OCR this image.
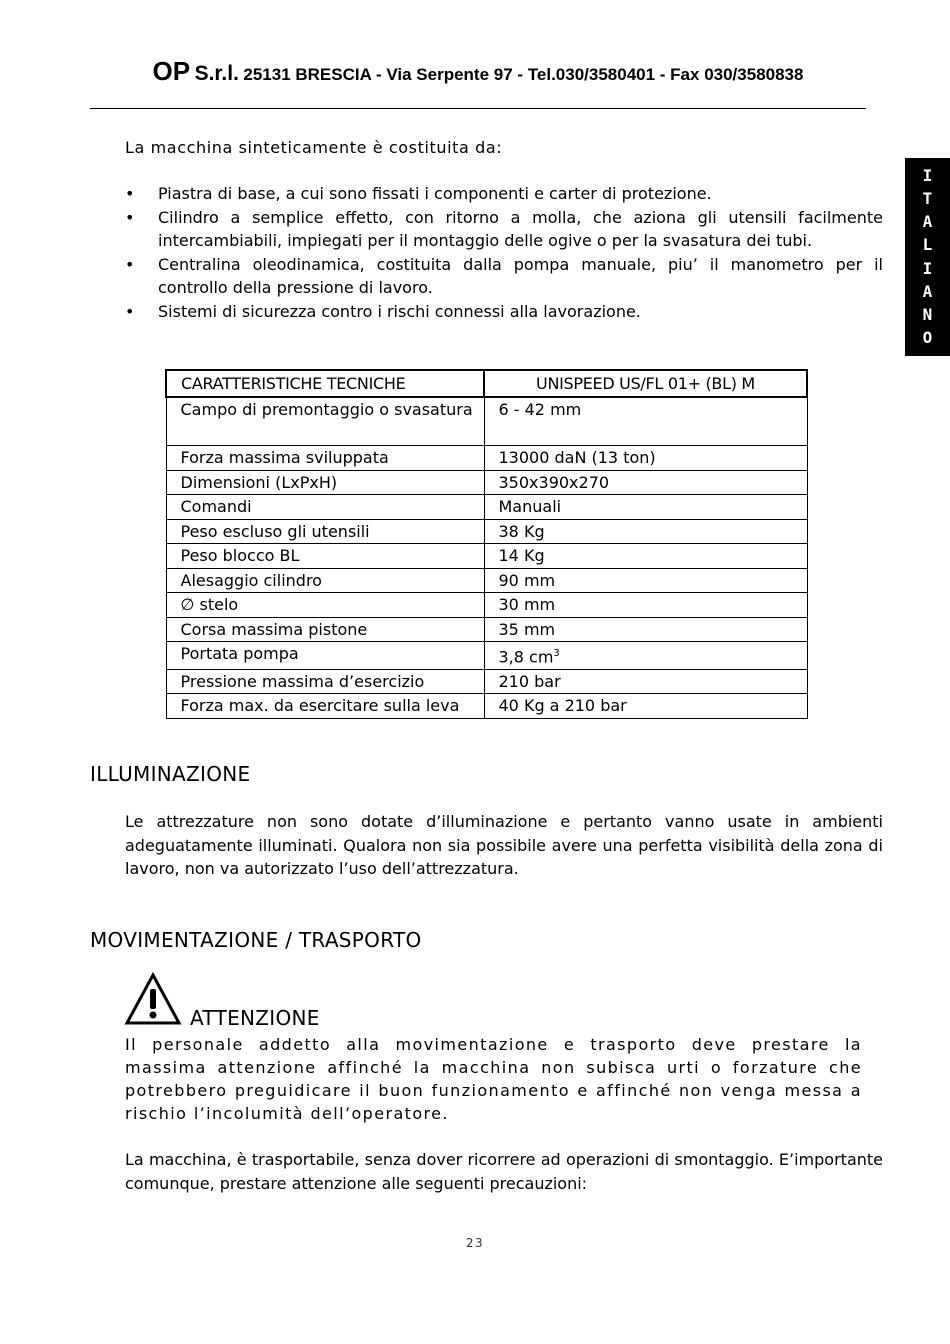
OP S.r.l. 25131 BRESCIA - Via Serpente 97 - Tel.030/3580401 - Fax 030/3580838
I
T
A
L
I
A
N
O
La macchina sinteticamente è costituita da:
• Piastra di base, a cui sono fissati i componenti e carter di protezione.
• Cilindro a semplice effetto, con ritorno a molla, che aziona gli utensili facilmente intercambiabili, impiegati per il montaggio delle ogive o per la svasatura dei tubi.
• Centralina oleodinamica, costituita dalla pompa manuale, piu’ il manometro per il controllo della pressione di lavoro.
• Sistemi di sicurezza contro i rischi connessi alla lavorazione.
CARATTERISTICHE TECNICHE	UNISPEED US/FL 01+ (BL) M
Campo di premontaggio o svasatura	6 - 42 mm
Forza massima sviluppata	13000 daN (13 ton)
Dimensioni (LxPxH)	350x390x270
Comandi	Manuali
Peso escluso gli utensili	38 Kg
Peso blocco BL	14 Kg
Alesaggio cilindro	90 mm
∅ stelo	30 mm
Corsa massima pistone	35 mm
Portata pompa	3,8 $cm^3$
Pressione massima d’esercizio	210 bar
Forza max. da esercitare sulla leva	40 Kg a 210 bar
ILLUMINAZIONE

Le attrezzature non sono dotate d’illuminazione e pertanto vanno usate in ambienti adeguatamente illuminati. Qualora non sia possibile avere una perfetta visibilità della zona di lavoro, non va autorizzato l’uso dell’attrezzatura.

MOVIMENTAZIONE / TRASPORTO
ATTENZIONE

Il personale addetto alla movimentazione e trasporto deve prestare la massima attenzione affinché la macchina non subisca urti o forzature che potrebbero preguidicare il buon funzionamento e affinché non venga messa a rischio l’incolumità dell’operatore.

La macchina, è trasportabile, senza dover ricorrere ad operazioni di smontaggio. E’importante comunque, prestare attenzione alle seguenti precauzioni:

23
